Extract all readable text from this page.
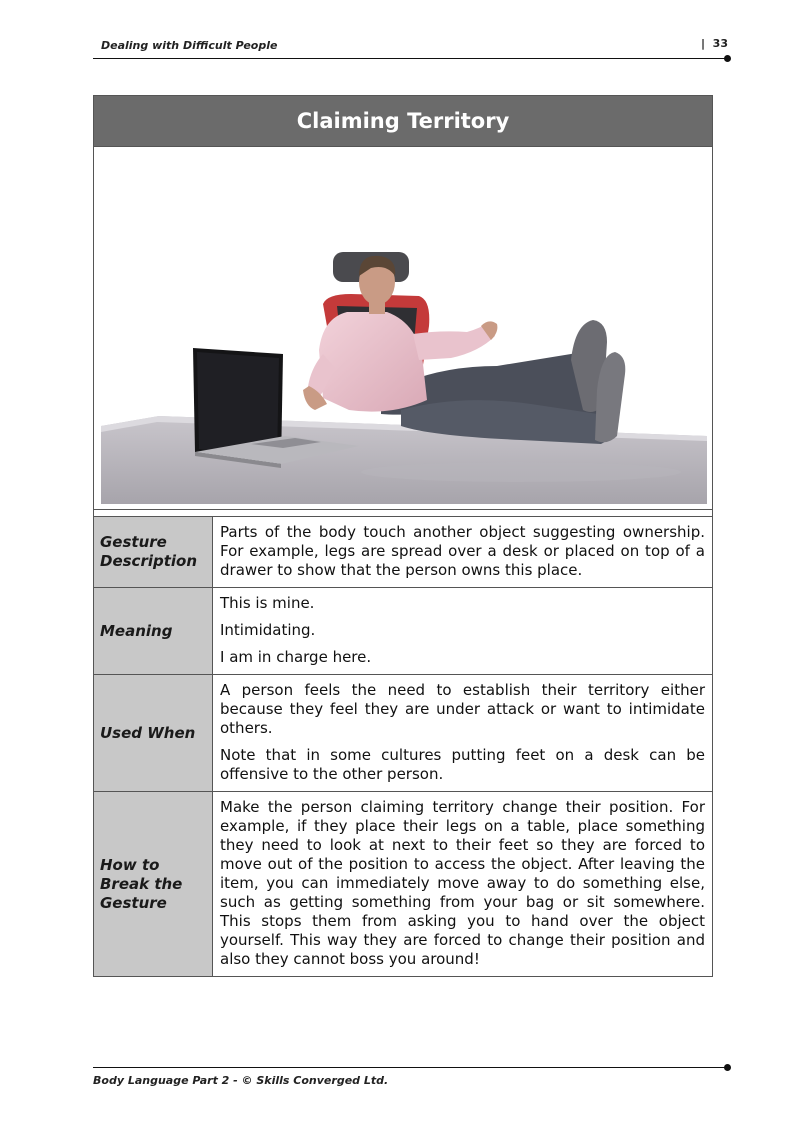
Dealing with Difficult People	|  33
Claiming Territory
Gesture Description	Parts of the body touch another object suggesting ownership. For example, legs are spread over a desk or placed on top of a drawer to show that the person owns this place.

Meaning	This is mine.

Intimidating.

I am in charge here.

Used When	A person feels the need to establish their territory either because they feel they are under attack or want to intimidate others.

Note that in some cultures putting feet on a desk can be offensive to the other person.

How to Break the Gesture	Make the person claiming territory change their position. For example, if they place their legs on a table, place something they need to look at next to their feet so they are forced to move out of the position to access the object. After leaving the item, you can immediately move away to do something else, such as getting something from your bag or sit somewhere. This stops them from asking you to hand over the object yourself. This way they are forced to change their position and also they cannot boss you around!

Body Language Part 2 - © Skills Converged Ltd.
